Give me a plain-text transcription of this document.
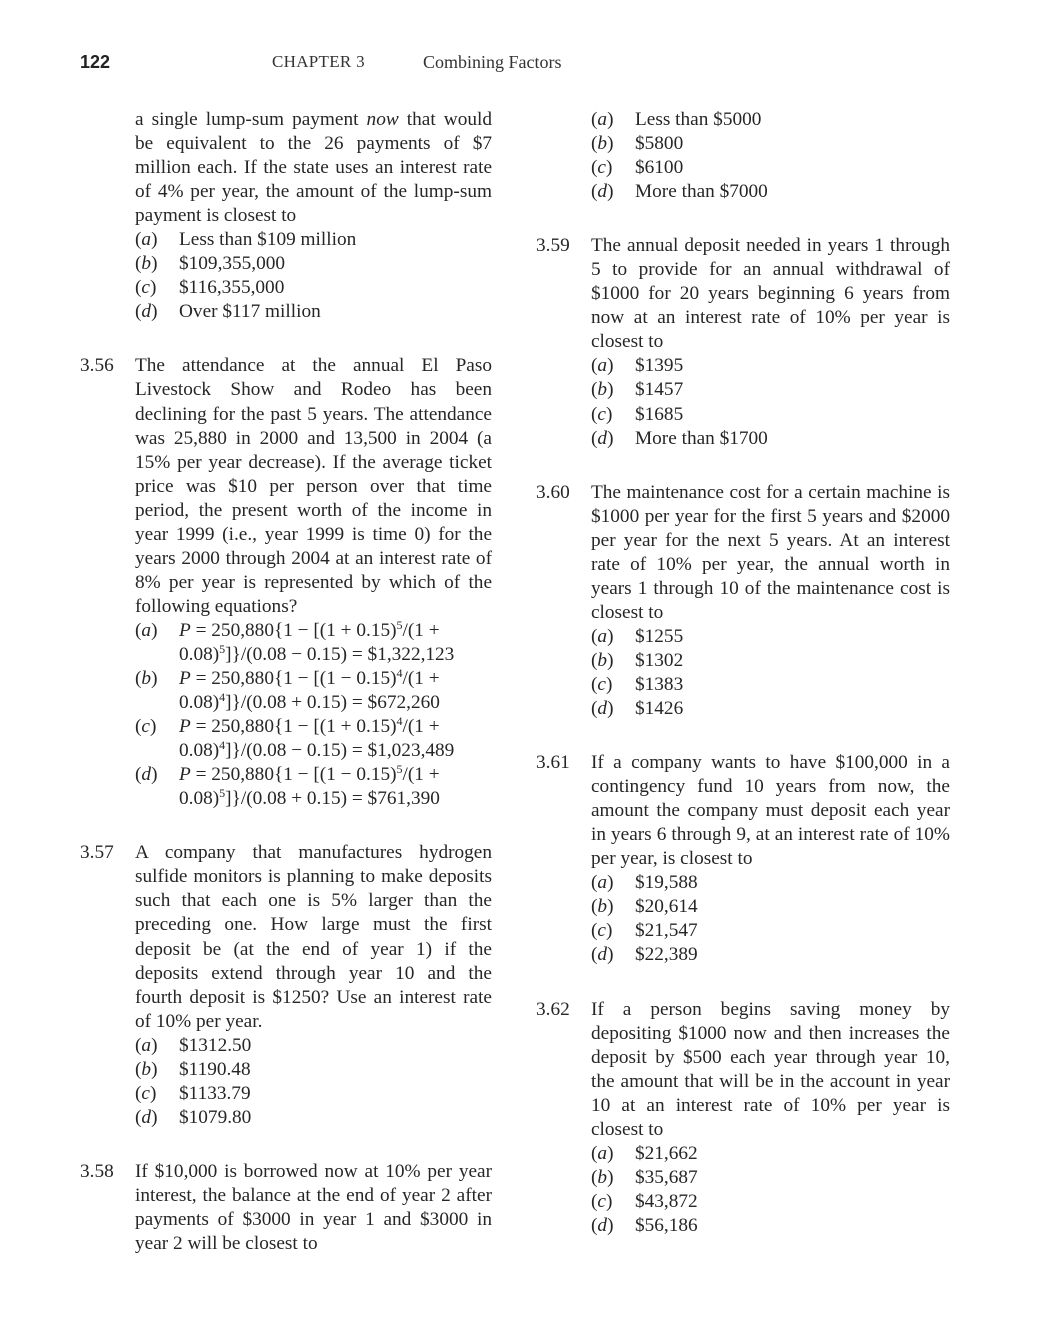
122	CHAPTER 3	Combining Factors
a single lump-sum payment now that would be equivalent to the 26 payments of $7 million each. If the state uses an interest rate of 4% per year, the amount of the lump-sum payment is closest to
( a )	Less than $109 million
( b )	$109,355,000
( c )	$116,355,000
( d )	Over $117 million
3.56 The attendance at the annual El Paso Livestock Show and Rodeo has been declining for the past 5 years. The attendance was 25,880 in 2000 and 13,500 in 2004 (a 15% per year decrease). If the average ticket price was $10 per person over that time period, the present worth of the income in year 1999 (i.e., year 1999 is time 0) for the years 2000 through 2004 at an interest rate of 8% per year is represented by which of the following equations?
( a )	$P = 250,880\{1 - [(1 + 0.15)^5/(1 + 0.08)^5]\}/(0.08 - 0.15)$ = $1,322,123
( b )	$P = 250,880\{1 - [(1 - 0.15)^4/(1 + 0.08)^4]\}/(0.08 + 0.15)$ = $672,260
( c )	$P = 250,880\{1 - [(1 + 0.15)^4/(1 + 0.08)^4]\}/(0.08 - 0.15)$ = $1,023,489
( d )	$P = 250,880\{1 - [(1 - 0.15)^5/(1 + 0.08)^5]\}/(0.08 + 0.15)$ = $761,390
3.57 A company that manufactures hydrogen sulfide monitors is planning to make deposits such that each one is 5% larger than the preceding one. How large must the first deposit be (at the end of year 1) if the deposits extend through year 10 and the fourth deposit is $1250? Use an interest rate of 10% per year.
( a )	$1312.50
( b )	$1190.48
( c )	$1133.79
( d )	$1079.80
3.58 If $10,000 is borrowed now at 10% per year interest, the balance at the end of year 2 after payments of $3000 in year 1 and $3000 in year 2 will be closest to
( a )	Less than $5000
( b )	$5800
( c )	$6100
( d )	More than $7000
3.59 The annual deposit needed in years 1 through 5 to provide for an annual withdrawal of $1000 for 20 years beginning 6 years from now at an interest rate of 10% per year is closest to
( a )	$1395
( b )	$1457
( c )	$1685
( d )	More than $1700
3.60 The maintenance cost for a certain machine is $1000 per year for the first 5 years and $2000 per year for the next 5 years. At an interest rate of 10% per year, the annual worth in years 1 through 10 of the maintenance cost is closest to
( a )	$1255
( b )	$1302
( c )	$1383
( d )	$1426
3.61 If a company wants to have $100,000 in a contingency fund 10 years from now, the amount the company must deposit each year in years 6 through 9, at an interest rate of 10% per year, is closest to
( a )	$19,588
( b )	$20,614
( c )	$21,547
( d )	$22,389
3.62 If a person begins saving money by depositing $1000 now and then increases the deposit by $500 each year through year 10, the amount that will be in the account in year 10 at an interest rate of 10% per year is closest to
( a )	$21,662
( b )	$35,687
( c )	$43,872
( d )	$56,186
